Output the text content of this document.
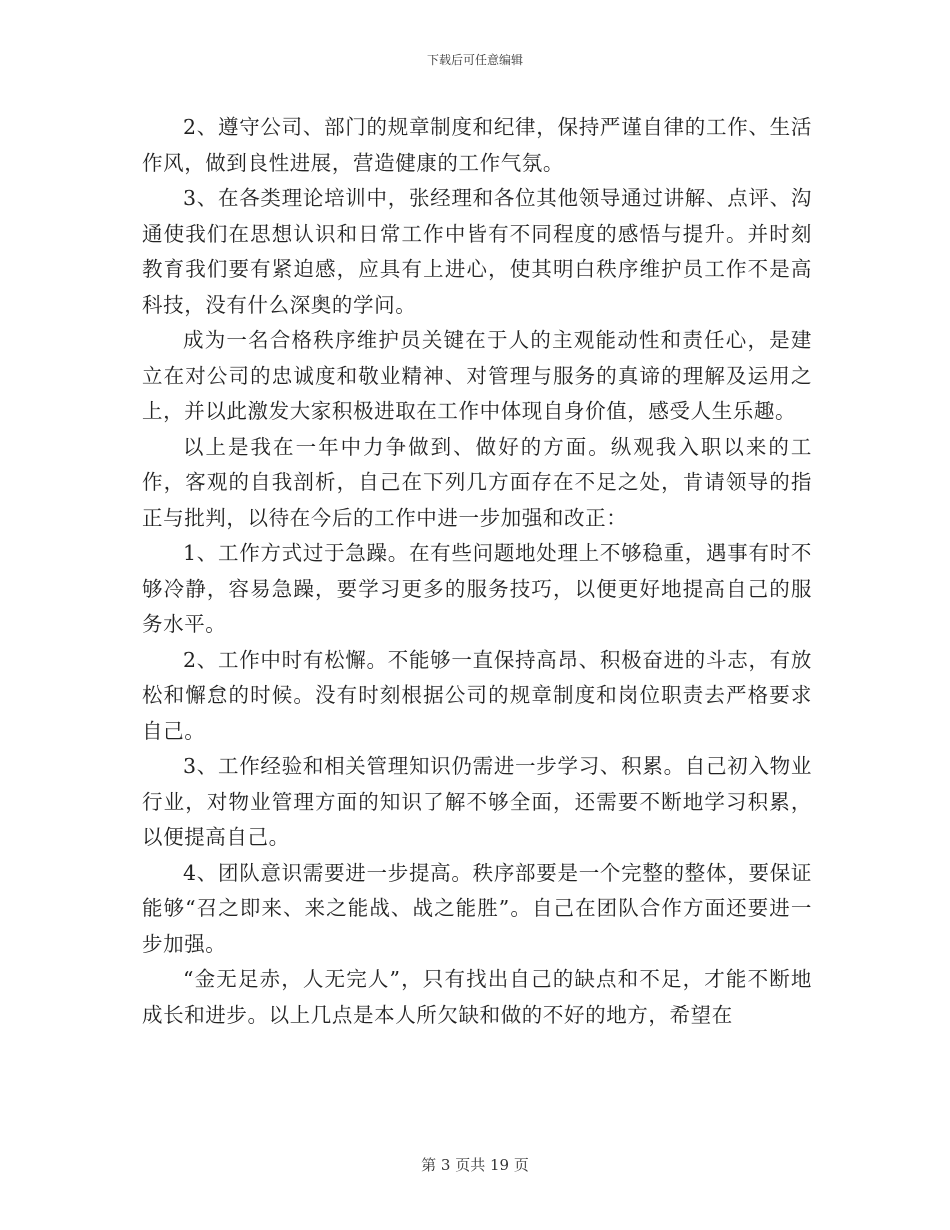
下载后可任意编辑

2、遵守公司、部门的规章制度和纪律，保持严谨自律的工作、生活作风，做到良性进展，营造健康的工作气氛。

3、在各类理论培训中，张经理和各位其他领导通过讲解、点评、沟通使我们在思想认识和日常工作中皆有不同程度的感悟与提升。并时刻教育我们要有紧迫感，应具有上进心，使其明白秩序维护员工作不是高科技，没有什么深奥的学问。

成为一名合格秩序维护员关键在于人的主观能动性和责任心，是建立在对公司的忠诚度和敬业精神、对管理与服务的真谛的理解及运用之上，并以此激发大家积极进取在工作中体现自身价值，感受人生乐趣。

以上是我在一年中力争做到、做好的方面。纵观我入职以来的工作，客观的自我剖析，自己在下列几方面存在不足之处，肯请领导的指正与批判，以待在今后的工作中进一步加强和改正：

1、工作方式过于急躁。在有些问题地处理上不够稳重，遇事有时不够冷静，容易急躁，要学习更多的服务技巧，以便更好地提高自己的服务水平。

2、工作中时有松懈。不能够一直保持高昂、积极奋进的斗志，有放松和懈怠的时候。没有时刻根据公司的规章制度和岗位职责去严格要求自己。

3、工作经验和相关管理知识仍需进一步学习、积累。自己初入物业行业，对物业管理方面的知识了解不够全面，还需要不断地学习积累，以便提高自己。

4、团队意识需要进一步提高。秩序部要是一个完整的整体，要保证能够“召之即来、来之能战、战之能胜”。自己在团队合作方面还要进一步加强。

“金无足赤，人无完人”，只有找出自己的缺点和不足，才能不断地成长和进步。以上几点是本人所欠缺和做的不好的地方，希望在

第 3 页共 19 页
